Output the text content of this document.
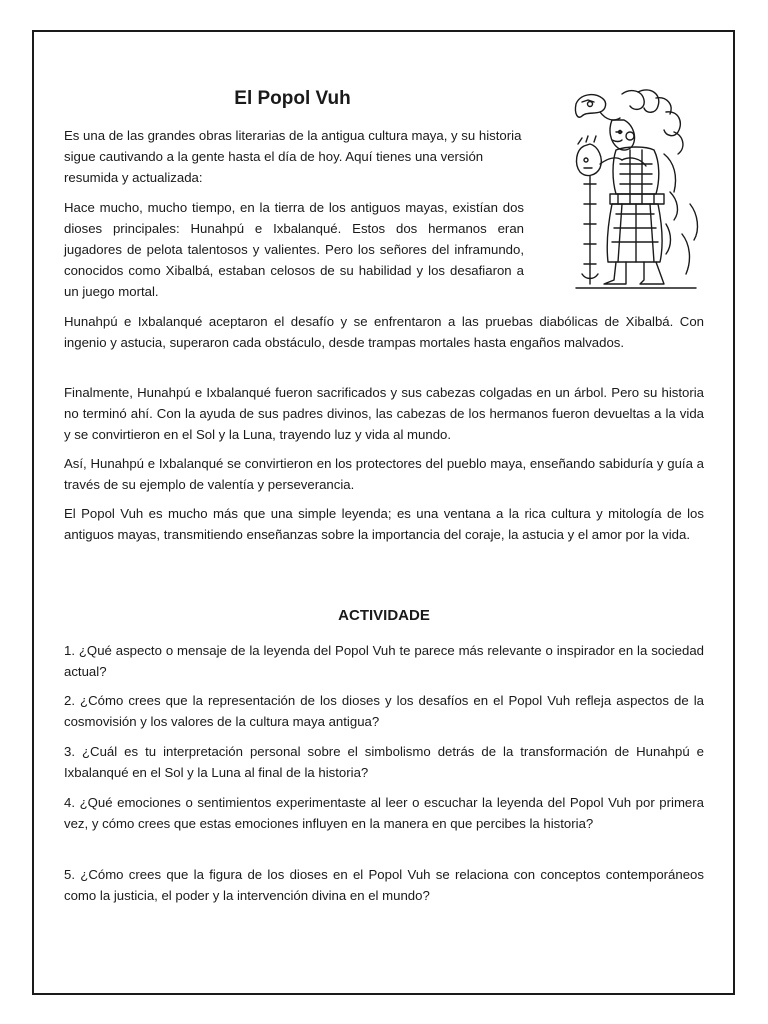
El Popol Vuh

Es una de las grandes obras literarias de la antigua cultura maya, y su historia sigue cautivando a la gente hasta el día de hoy. Aquí tienes una versión resumida y actualizada:

Hace mucho, mucho tiempo, en la tierra de los antiguos mayas, existían dos dioses principales: Hunahpú e Ixbalanqué. Estos dos hermanos eran jugadores de pelota talentosos y valientes. Pero los señores del inframundo, conocidos como Xibalbá, estaban celosos de su habilidad y los desafiaron a un juego mortal.

Hunahpú e Ixbalanqué aceptaron el desafío y se enfrentaron a las pruebas diabólicas de Xibalbá. Con ingenio y astucia, superaron cada obstáculo, desde trampas mortales hasta engaños malvados.

Finalmente, Hunahpú e Ixbalanqué fueron sacrificados y sus cabezas colgadas en un árbol. Pero su historia no terminó ahí. Con la ayuda de sus padres divinos, las cabezas de los hermanos fueron devueltas a la vida y se convirtieron en el Sol y la Luna, trayendo luz y vida al mundo.

Así, Hunahpú e Ixbalanqué se convirtieron en los protectores del pueblo maya, enseñando sabiduría y guía a través de su ejemplo de valentía y perseverancia.

El Popol Vuh es mucho más que una simple leyenda; es una ventana a la rica cultura y mitología de los antiguos mayas, transmitiendo enseñanzas sobre la importancia del coraje, la astucia y el amor por la vida.

ACTIVIDADE

1. ¿Qué aspecto o mensaje de la leyenda del Popol Vuh te parece más relevante o inspirador en la sociedad actual?

2. ¿Cómo crees que la representación de los dioses y los desafíos en el Popol Vuh refleja aspectos de la cosmovisión y los valores de la cultura maya antigua?

3. ¿Cuál es tu interpretación personal sobre el simbolismo detrás de la transformación de Hunahpú e Ixbalanqué en el Sol y la Luna al final de la historia?

4. ¿Qué emociones o sentimientos experimentaste al leer o escuchar la leyenda del Popol Vuh por primera vez, y cómo crees que estas emociones influyen en la manera en que percibes la historia?

5. ¿Cómo crees que la figura de los dioses en el Popol Vuh se relaciona con conceptos contemporáneos como la justicia, el poder y la intervención divina en el mundo?
